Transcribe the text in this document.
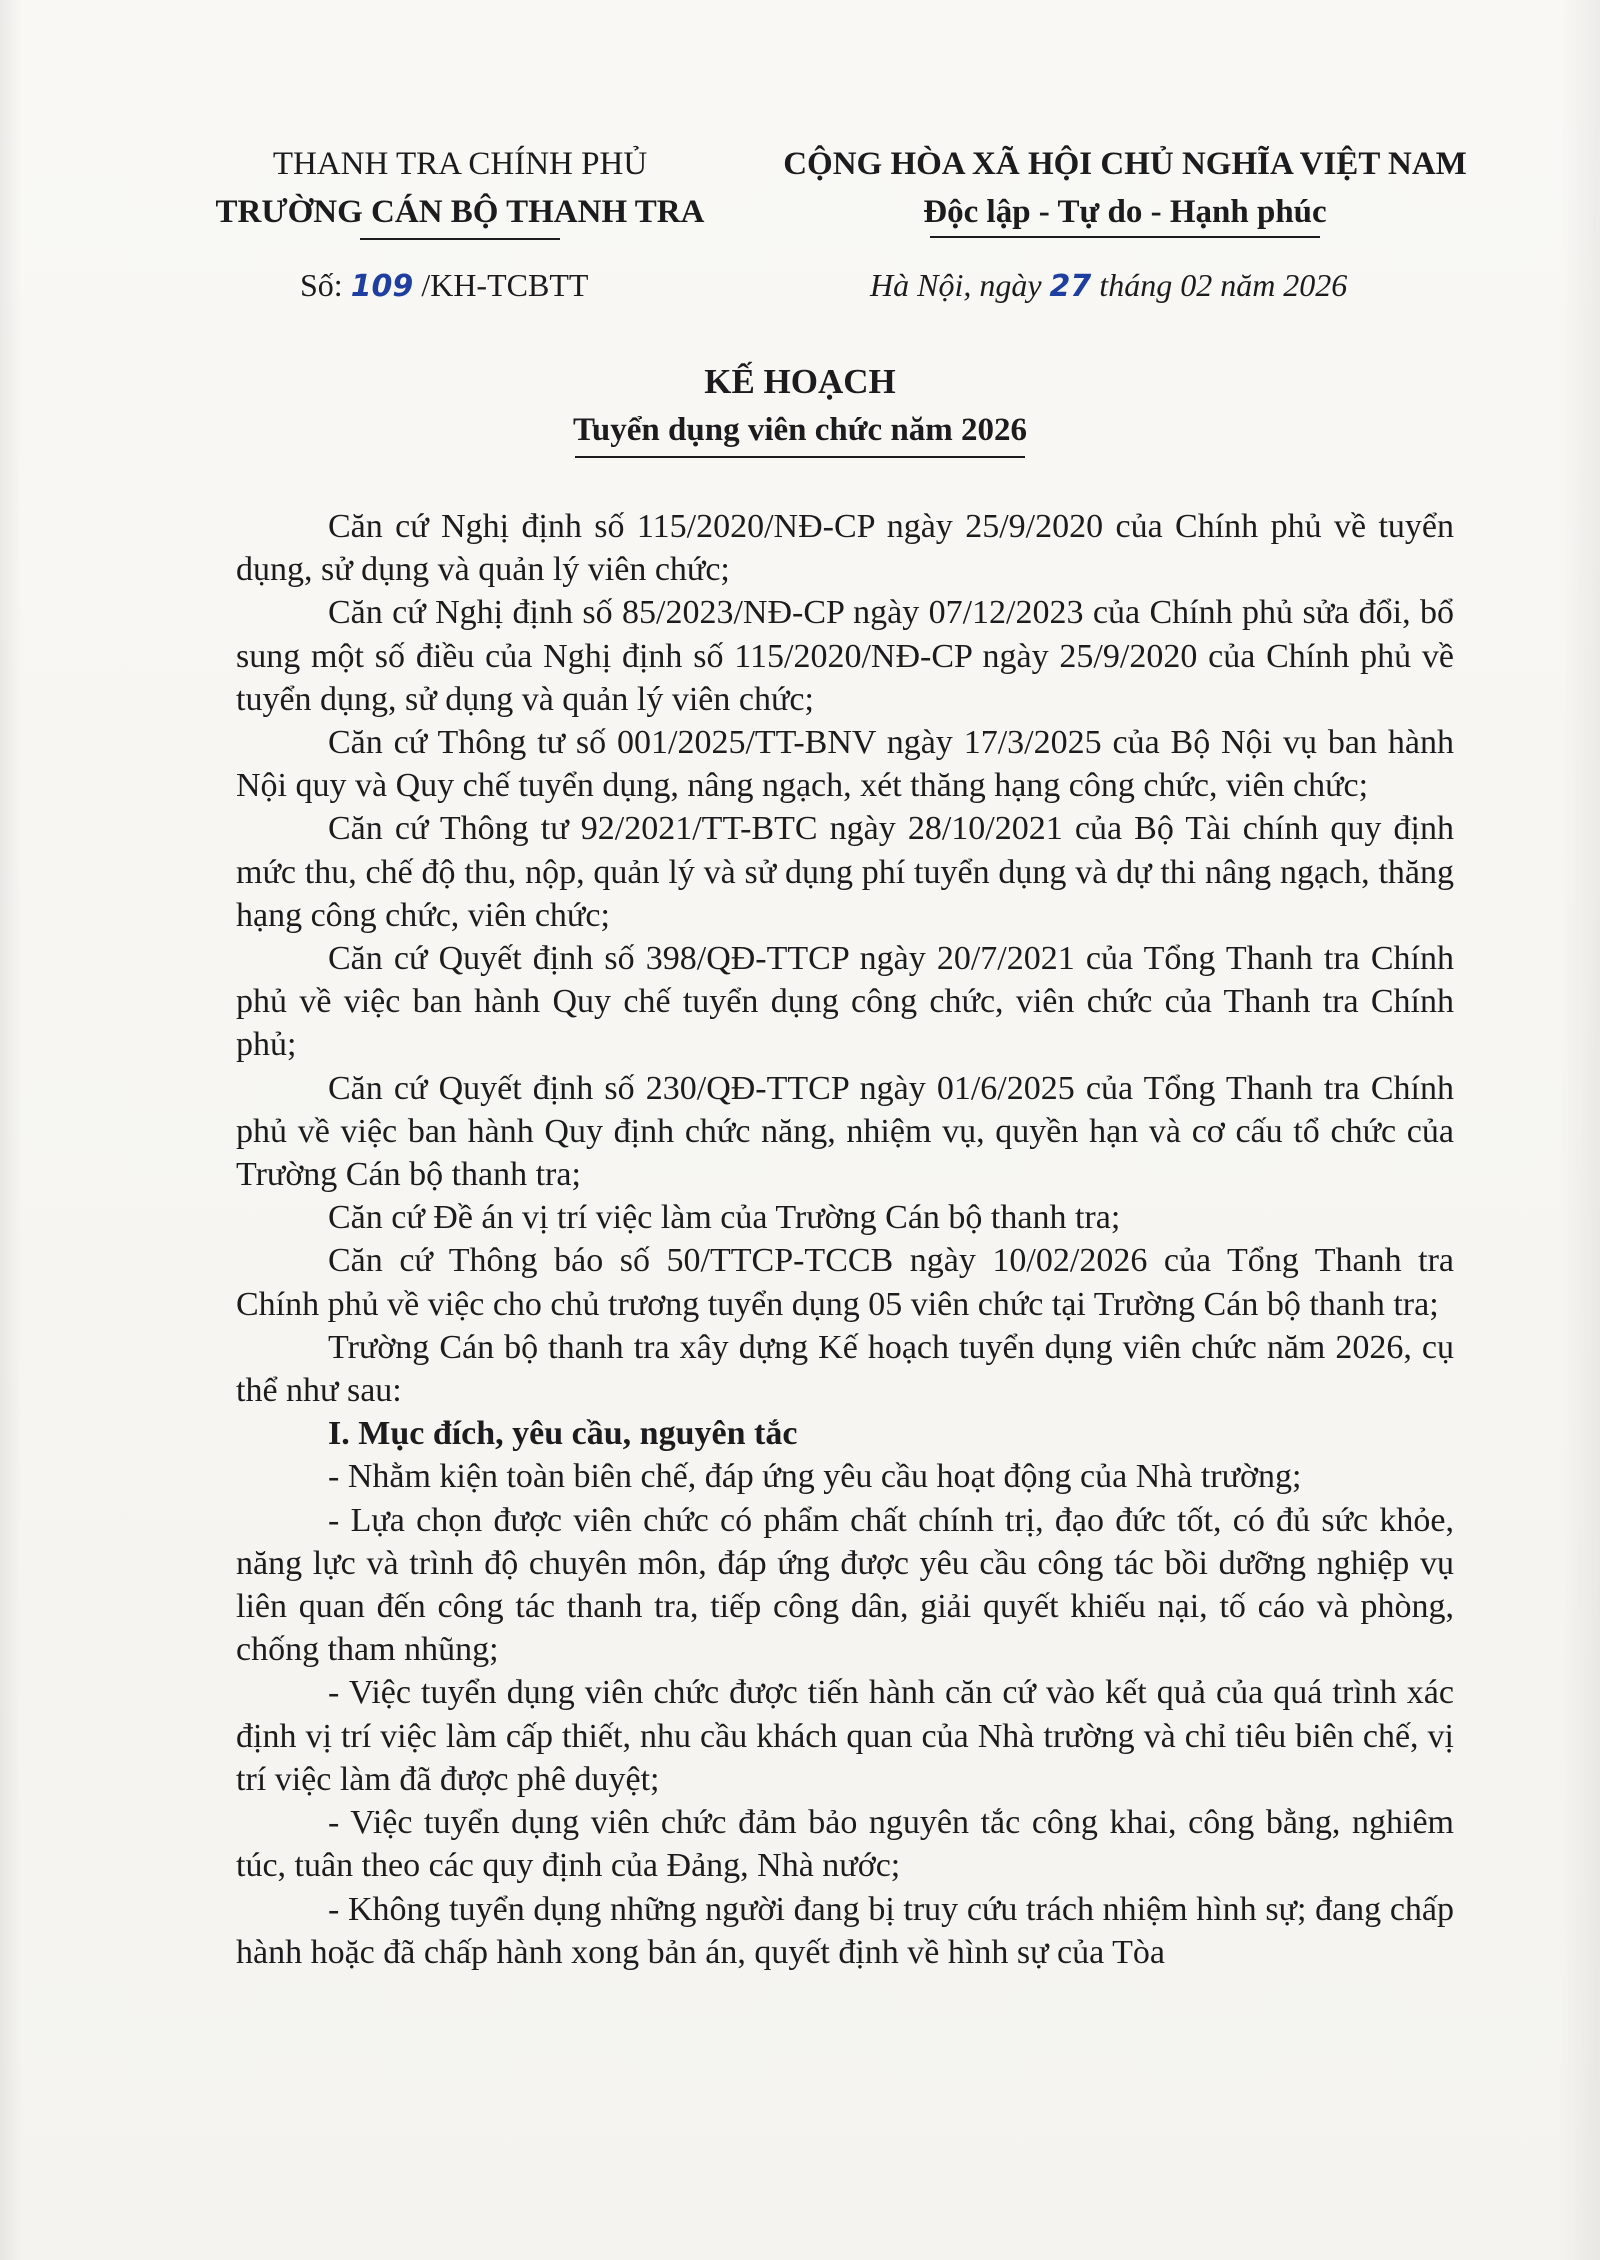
THANH TRA CHÍNH PHỦ
TRƯỜNG CÁN BỘ THANH TRA
CỘNG HÒA XÃ HỘI CHỦ NGHĨA VIỆT NAM
Độc lập - Tự do - Hạnh phúc
Số: 109 /KH-TCBTT	Hà Nội, ngày 27 tháng 02 năm 2026
KẾ HOẠCH
Tuyển dụng viên chức năm 2026

Căn cứ Nghị định số 115/2020/NĐ-CP ngày 25/9/2020 của Chính phủ về tuyển dụng, sử dụng và quản lý viên chức;

Căn cứ Nghị định số 85/2023/NĐ-CP ngày 07/12/2023 của Chính phủ sửa đổi, bổ sung một số điều của Nghị định số 115/2020/NĐ-CP ngày 25/9/2020 của Chính phủ về tuyển dụng, sử dụng và quản lý viên chức;

Căn cứ Thông tư số 001/2025/TT-BNV ngày 17/3/2025 của Bộ Nội vụ ban hành Nội quy và Quy chế tuyển dụng, nâng ngạch, xét thăng hạng công chức, viên chức;

Căn cứ Thông tư 92/2021/TT-BTC ngày 28/10/2021 của Bộ Tài chính quy định mức thu, chế độ thu, nộp, quản lý và sử dụng phí tuyển dụng và dự thi nâng ngạch, thăng hạng công chức, viên chức;

Căn cứ Quyết định số 398/QĐ-TTCP ngày 20/7/2021 của Tổng Thanh tra Chính phủ về việc ban hành Quy chế tuyển dụng công chức, viên chức của Thanh tra Chính phủ;

Căn cứ Quyết định số 230/QĐ-TTCP ngày 01/6/2025 của Tổng Thanh tra Chính phủ về việc ban hành Quy định chức năng, nhiệm vụ, quyền hạn và cơ cấu tổ chức của Trường Cán bộ thanh tra;

Căn cứ Đề án vị trí việc làm của Trường Cán bộ thanh tra;

Căn cứ Thông báo số 50/TTCP-TCCB ngày 10/02/2026 của Tổng Thanh tra Chính phủ về việc cho chủ trương tuyển dụng 05 viên chức tại Trường Cán bộ thanh tra;

Trường Cán bộ thanh tra xây dựng Kế hoạch tuyển dụng viên chức năm 2026, cụ thể như sau:

I. Mục đích, yêu cầu, nguyên tắc

- Nhằm kiện toàn biên chế, đáp ứng yêu cầu hoạt động của Nhà trường;

- Lựa chọn được viên chức có phẩm chất chính trị, đạo đức tốt, có đủ sức khỏe, năng lực và trình độ chuyên môn, đáp ứng được yêu cầu công tác bồi dưỡng nghiệp vụ liên quan đến công tác thanh tra, tiếp công dân, giải quyết khiếu nại, tố cáo và phòng, chống tham nhũng;

- Việc tuyển dụng viên chức được tiến hành căn cứ vào kết quả của quá trình xác định vị trí việc làm cấp thiết, nhu cầu khách quan của Nhà trường và chỉ tiêu biên chế, vị trí việc làm đã được phê duyệt;

- Việc tuyển dụng viên chức đảm bảo nguyên tắc công khai, công bằng, nghiêm túc, tuân theo các quy định của Đảng, Nhà nước;

- Không tuyển dụng những người đang bị truy cứu trách nhiệm hình sự; đang chấp hành hoặc đã chấp hành xong bản án, quyết định về hình sự của Tòa
